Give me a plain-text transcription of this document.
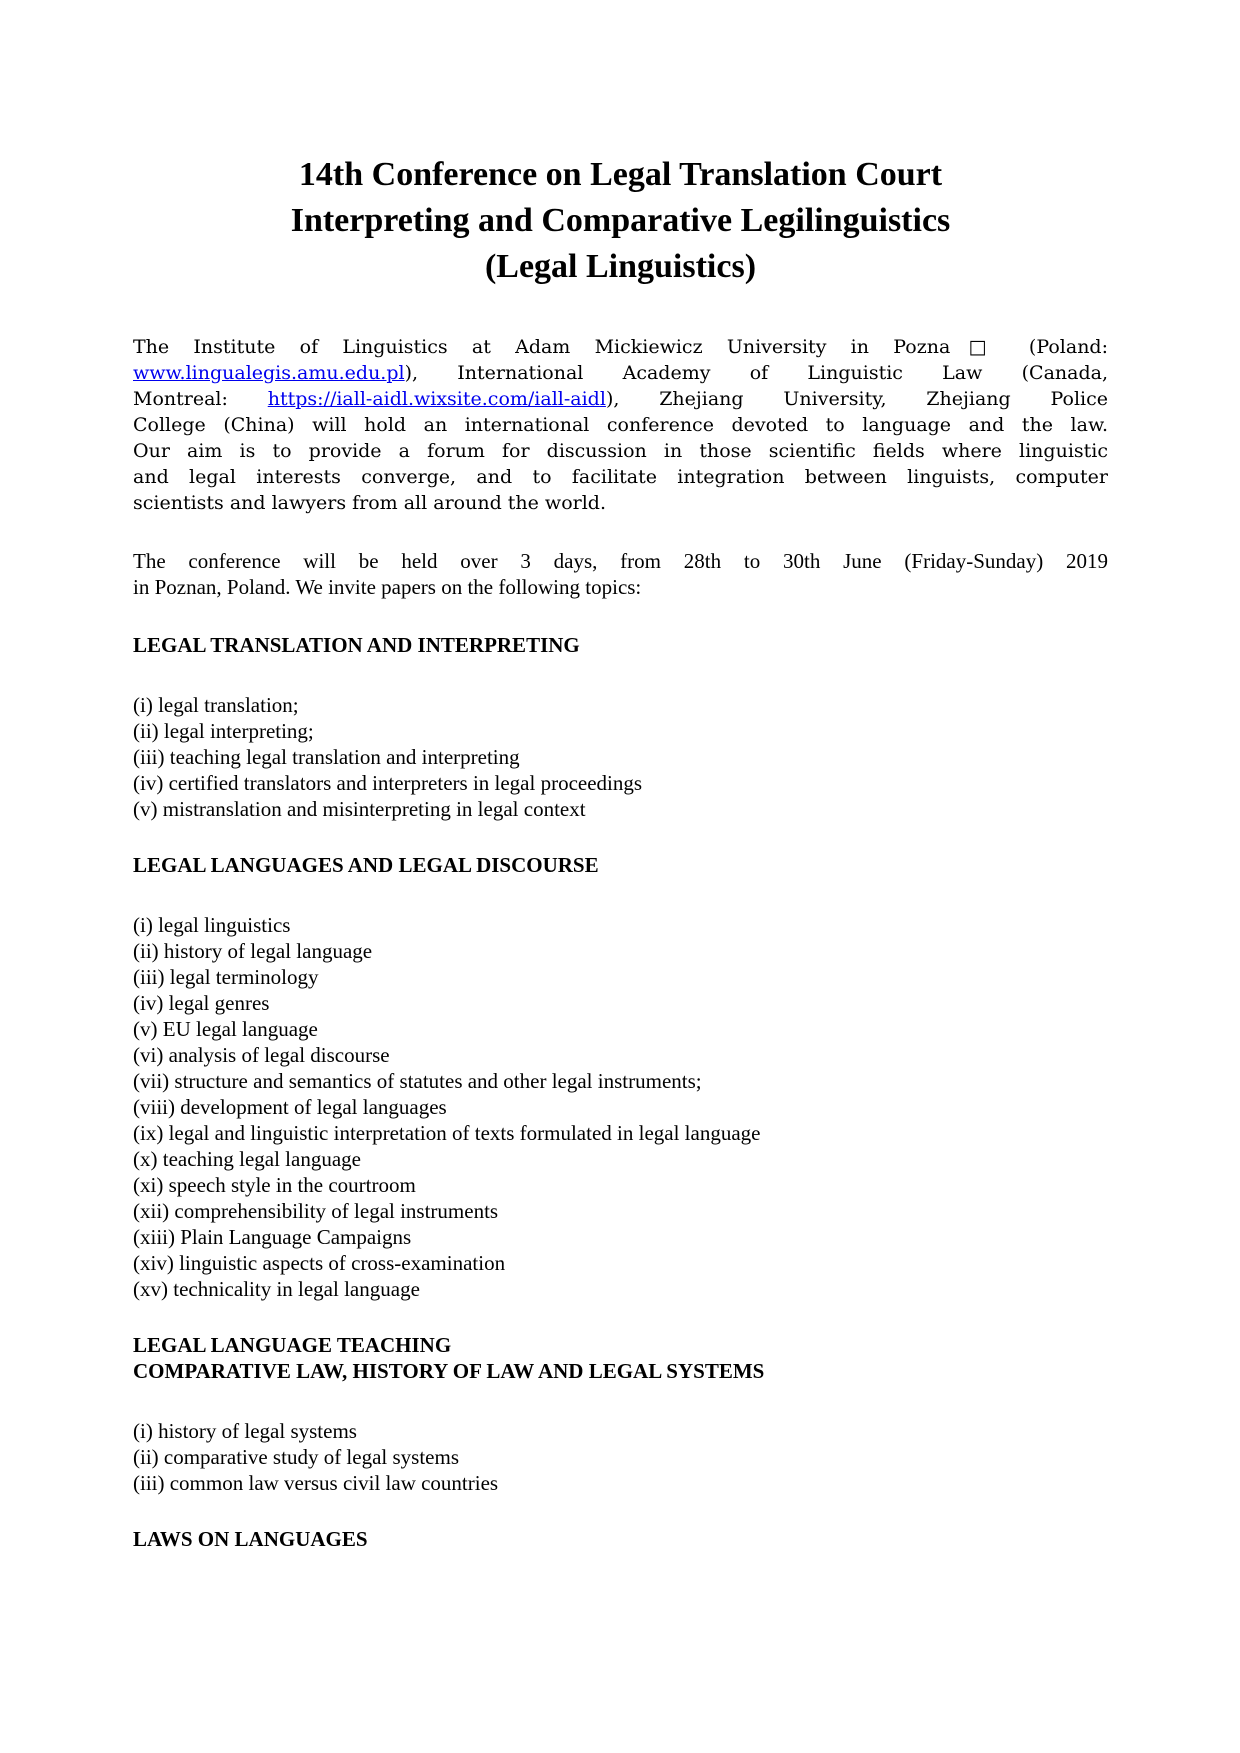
14th Conference on Legal Translation Court
Interpreting and Comparative Legilinguistics
(Legal Linguistics)
The Institute of Linguistics at Adam Mickiewicz University in Pozna□ (Poland:
www.lingualegis.amu.edu.pl), International Academy of Linguistic Law (Canada,
Montreal: https://iall-aidl.wixsite.com/iall-aidl), Zhejiang University, Zhejiang Police
College (China) will hold an international conference devoted to language and the law.
Our aim is to provide a forum for discussion in those scientific fields where linguistic
and legal interests converge, and to facilitate integration between linguists, computer
scientists and lawyers from all around the world.
The conference will be held over 3 days, from 28th to 30th June (Friday-Sunday) 2019
in Poznan, Poland. We invite papers on the following topics:
LEGAL TRANSLATION AND INTERPRETING
(i) legal translation;
(ii) legal interpreting;
(iii) teaching legal translation and interpreting
(iv) certified translators and interpreters in legal proceedings
(v) mistranslation and misinterpreting in legal context
LEGAL LANGUAGES AND LEGAL DISCOURSE
(i) legal linguistics
(ii) history of legal language
(iii) legal terminology
(iv) legal genres
(v) EU legal language
(vi) analysis of legal discourse
(vii) structure and semantics of statutes and other legal instruments;
(viii) development of legal languages
(ix) legal and linguistic interpretation of texts formulated in legal language
(x) teaching legal language
(xi) speech style in the courtroom
(xii) comprehensibility of legal instruments
(xiii) Plain Language Campaigns
(xiv) linguistic aspects of cross-examination
(xv) technicality in legal language
LEGAL LANGUAGE TEACHING
COMPARATIVE LAW, HISTORY OF LAW AND LEGAL SYSTEMS
(i) history of legal systems
(ii) comparative study of legal systems
(iii) common law versus civil law countries
LAWS ON LANGUAGES
